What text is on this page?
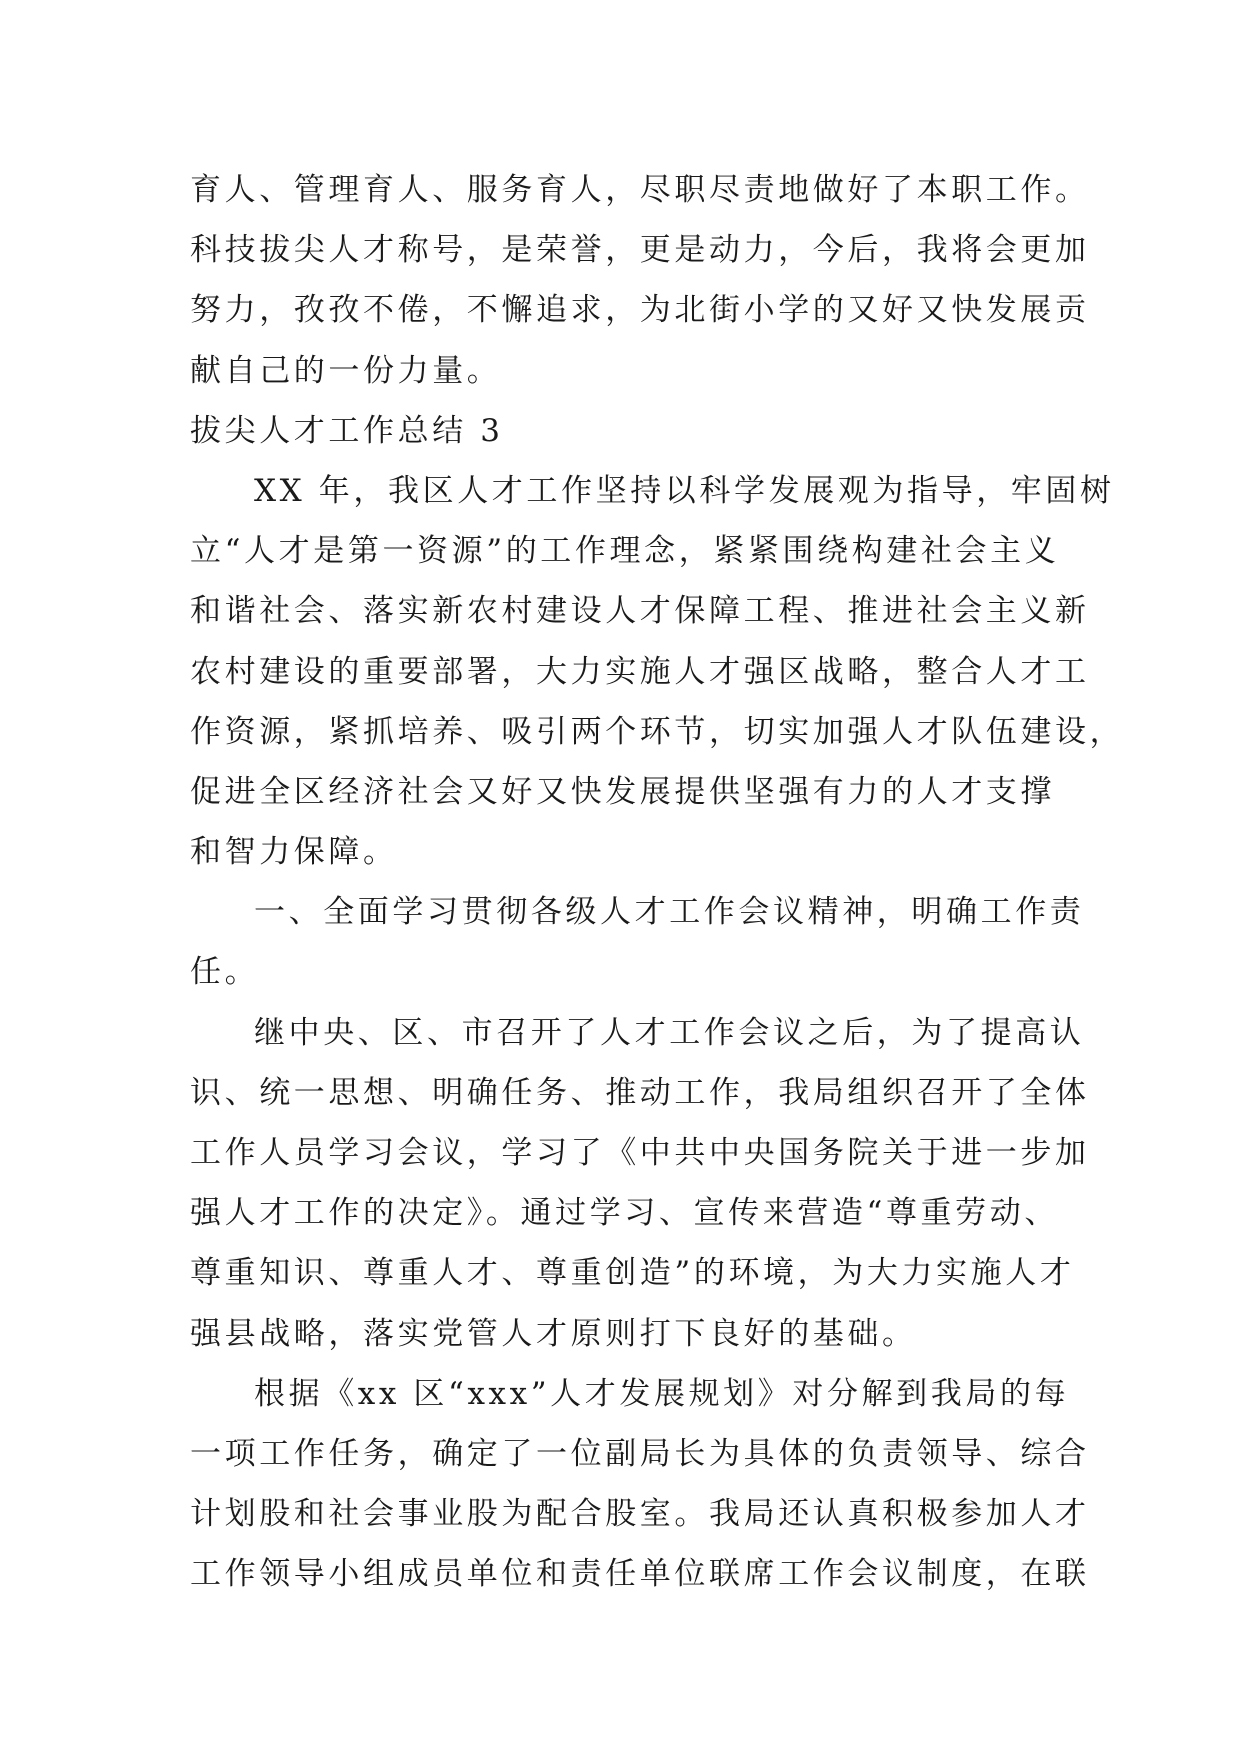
育人、管理育人、服务育人，尽职尽责地做好了本职工作。
科技拔尖人才称号，是荣誉，更是动力，今后，我将会更加
努力，孜孜不倦，不懈追求，为北街小学的又好又快发展贡
献自己的一份力量。
拔尖人才工作总结 3
XX 年，我区人才工作坚持以科学发展观为指导，牢固树
立“人才是第一资源”的工作理念，紧紧围绕构建社会主义
和谐社会、落实新农村建设人才保障工程、推进社会主义新
农村建设的重要部署，大力实施人才强区战略，整合人才工
作资源，紧抓培养、吸引两个环节，切实加强人才队伍建设，
促进全区经济社会又好又快发展提供坚强有力的人才支撑
和智力保障。
一、全面学习贯彻各级人才工作会议精神，明确工作责
任。
继中央、区、市召开了人才工作会议之后，为了提高认
识、统一思想、明确任务、推动工作，我局组织召开了全体
工作人员学习会议，学习了《中共中央国务院关于进一步加
强人才工作的决定》。通过学习、宣传来营造“尊重劳动、
尊重知识、尊重人才、尊重创造”的环境，为大力实施人才
强县战略，落实党管人才原则打下良好的基础。
根据《xx 区“xxx”人才发展规划》对分解到我局的每
一项工作任务，确定了一位副局长为具体的负责领导、综合
计划股和社会事业股为配合股室。我局还认真积极参加人才
工作领导小组成员单位和责任单位联席工作会议制度，在联
